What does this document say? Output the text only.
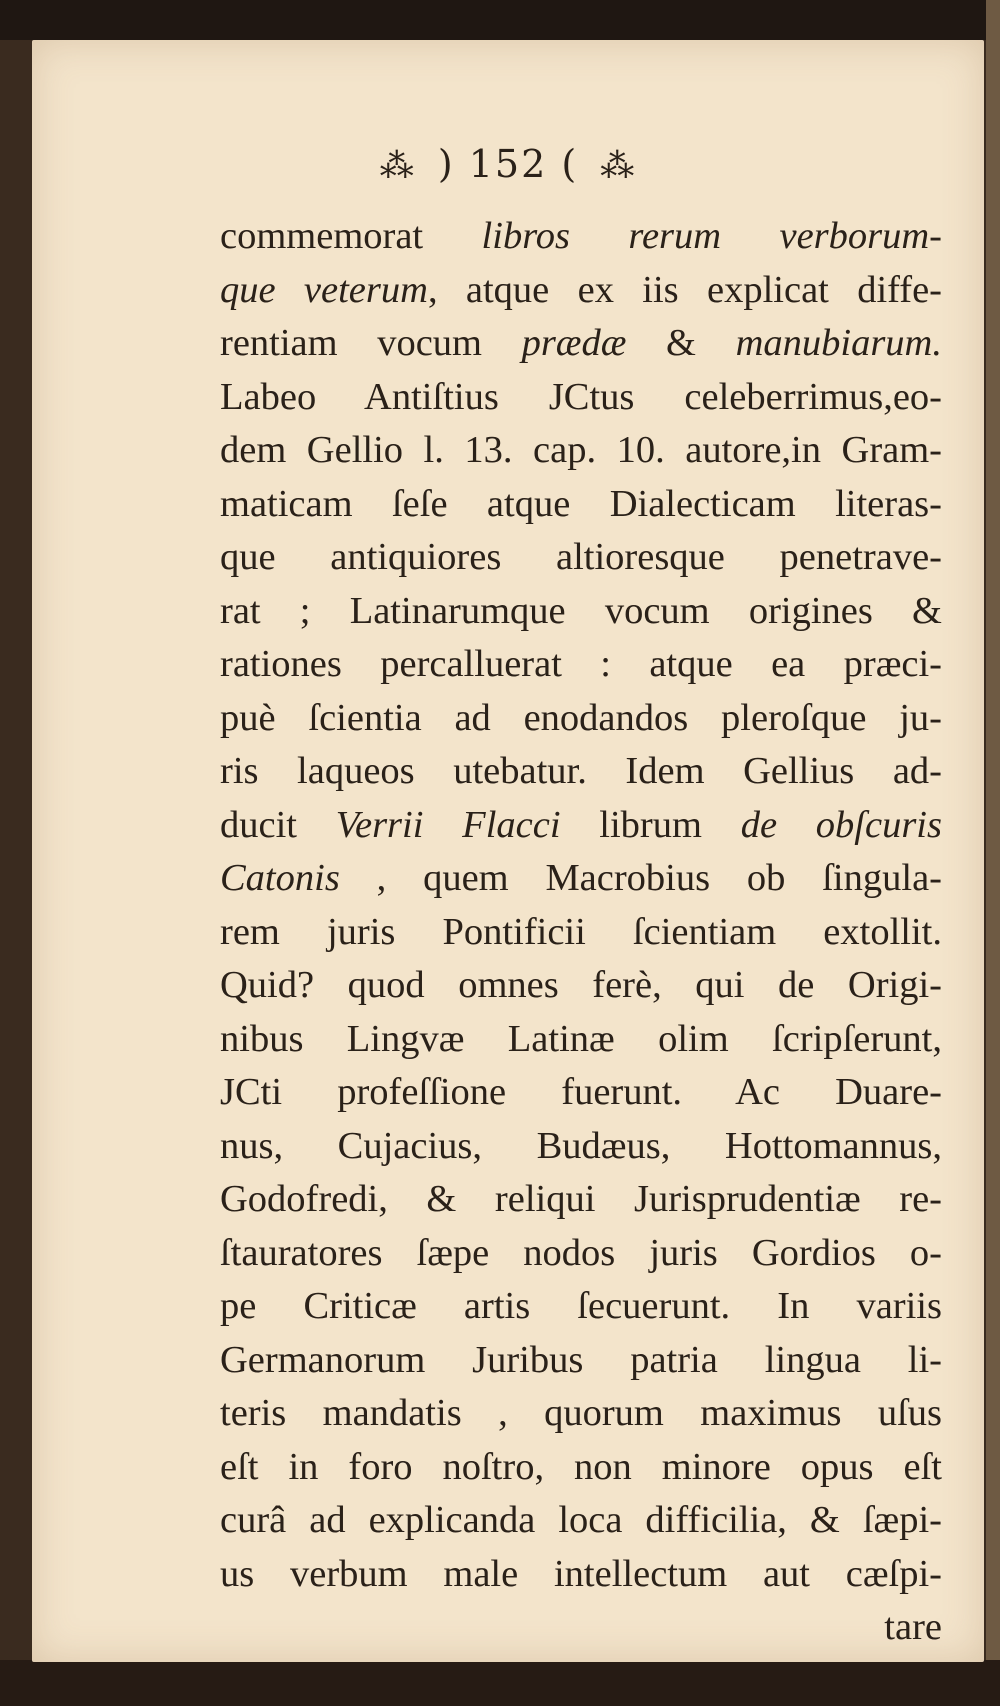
⁂ ) 152 ( ⁂
commemorat libros rerum verborum-
que veterum, atque ex iis explicat diffe-
rentiam vocum prædæ & manubiarum.
Labeo Antiſtius JCtus celeberrimus,eo-
dem Gellio l. 13. cap. 10. autore,in Gram-
maticam ſeſe atque Dialecticam literas-
que antiquiores altioresque penetrave-
rat ; Latinarumque vocum origines &
rationes percalluerat : atque ea præci-
puè ſcientia ad enodandos pleroſque ju-
ris laqueos utebatur. Idem Gellius ad-
ducit Verrii Flacci librum de obſcuris
Catonis , quem Macrobius ob ſingula-
rem juris Pontificii ſcientiam extollit.
Quid? quod omnes ferè, qui de Origi-
nibus Lingvæ Latinæ olim ſcripſerunt,
JCti profeſſione fuerunt. Ac Duare-
nus, Cujacius, Budæus, Hottomannus,
Godofredi, & reliqui Jurisprudentiæ re-
ſtauratores ſæpe nodos juris Gordios o-
pe Criticæ artis ſecuerunt. In variis
Germanorum Juribus patria lingua li-
teris mandatis , quorum maximus uſus
eſt in foro noſtro, non minore opus eſt
curâ ad explicanda loca difficilia, & ſæpi-
us verbum male intellectum aut cæſpi-
tare
